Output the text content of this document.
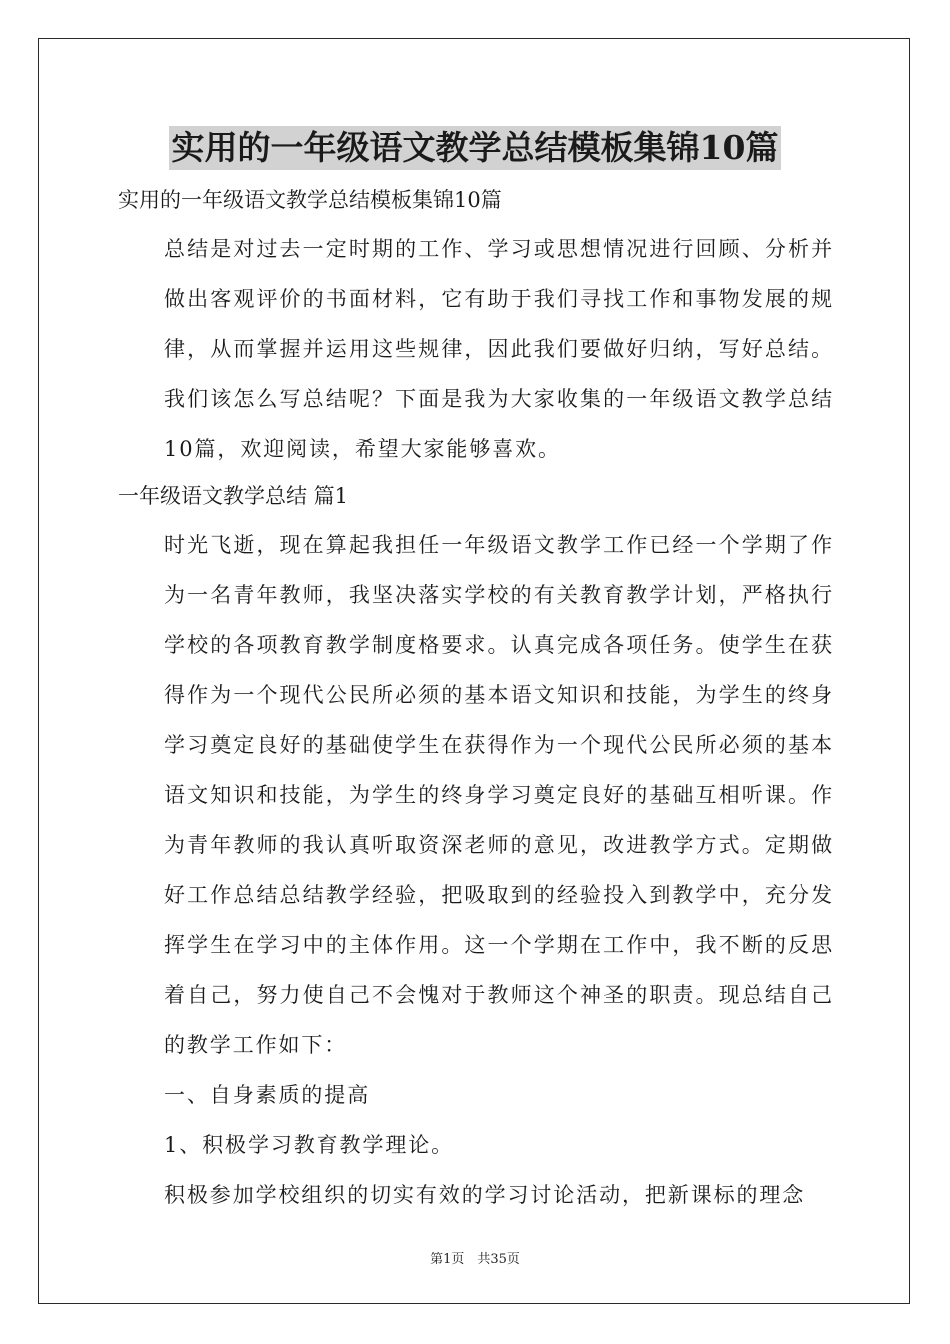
实用的一年级语文教学总结模板集锦10篇
实用的一年级语文教学总结模板集锦10篇
总结是对过去一定时期的工作、学习或思想情况进行回顾、分析并做出客观评价的书面材料，它有助于我们寻找工作和事物发展的规律，从而掌握并运用这些规律，因此我们要做好归纳，写好总结。我们该怎么写总结呢？下面是我为大家收集的一年级语文教学总结10篇，欢迎阅读，希望大家能够喜欢。
一年级语文教学总结 篇1
时光飞逝，现在算起我担任一年级语文教学工作已经一个学期了作为一名青年教师，我坚决落实学校的有关教育教学计划，严格执行学校的各项教育教学制度格要求。认真完成各项任务。使学生在获得作为一个现代公民所必须的基本语文知识和技能，为学生的终身学习奠定良好的基础使学生在获得作为一个现代公民所必须的基本语文知识和技能，为学生的终身学习奠定良好的基础互相听课。作为青年教师的我认真听取资深老师的意见，改进教学方式。定期做好工作总结总结教学经验，把吸取到的经验投入到教学中，充分发挥学生在学习中的主体作用。这一个学期在工作中，我不断的反思着自己，努力使自己不会愧对于教师这个神圣的职责。现总结自己的教学工作如下：
一、自身素质的提高
1、积极学习教育教学理论。
积极参加学校组织的切实有效的学习讨论活动，把新课标的理念
第1页　共35页
